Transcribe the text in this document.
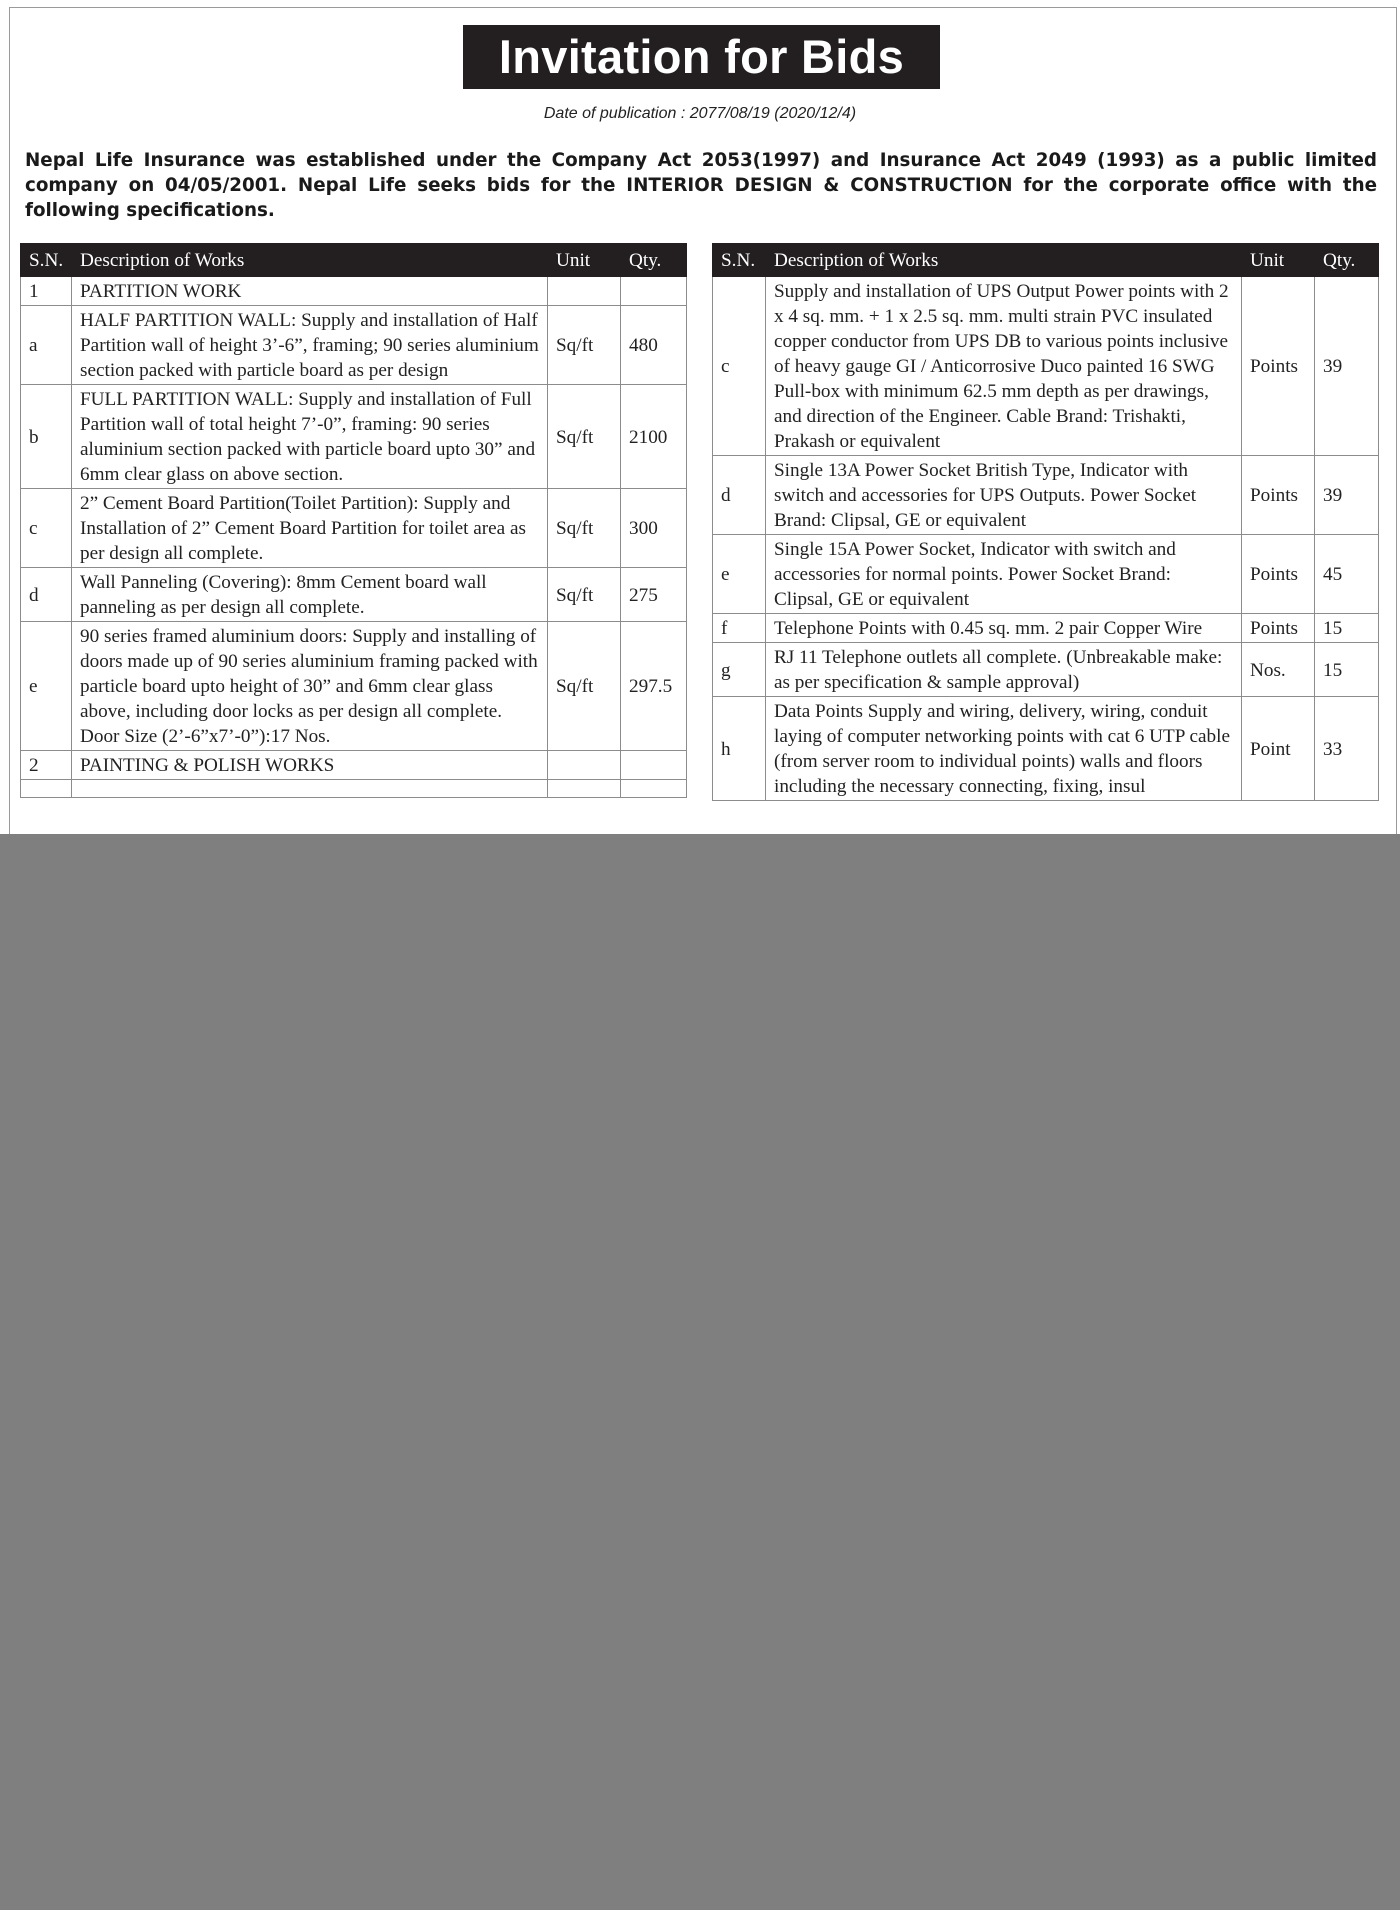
Invitation for Bids
Date of publication : 2077/08/19 (2020/12/4)
Nepal Life Insurance was established under the Company Act 2053(1997) and Insurance Act 2049 (1993) as a public limited company on 04/05/2001. Nepal Life seeks bids for the INTERIOR DESIGN & CONSTRUCTION for the corporate office with the following specifications.
S.N.	Description of Works	Unit	Qty.
1	PARTITION WORK		
a	HALF PARTITION WALL: Supply and installation of Half Partition wall of height 3’-6”, framing; 90 series aluminium section packed with particle board as per design	Sq/ft	480
b	FULL PARTITION WALL: Supply and installation of Full Partition wall of total height 7’-0”, framing: 90 series aluminium section packed with particle board upto 30” and 6mm clear glass on above section.	Sq/ft	2100
c	2” Cement Board Partition(Toilet Partition): Supply and Installation of 2” Cement Board Partition for toilet area as per design all complete.	Sq/ft	300
d	Wall Panneling (Covering): 8mm Cement board wall panneling as per design all complete.	Sq/ft	275
e	90 series framed aluminium doors: Supply and installing of doors made up of 90 series aluminium framing packed with particle board upto height of 30” and 6mm clear glass above, including door locks as per design all complete. Door Size (2’-6”x7’-0”):17 Nos.	Sq/ft	297.5
2	PAINTING & POLISH WORKS		

S.N.	Description of Works	Unit	Qty.
c	Supply and installation of UPS Output Power points with 2 x 4 sq. mm. + 1 x 2.5 sq. mm. multi strain PVC insulated copper conductor from UPS DB to various points inclusive of heavy gauge GI / Anticorrosive Duco painted 16 SWG Pull-box with minimum 62.5 mm depth as per drawings, and direction of the Engineer. Cable Brand: Trishakti, Prakash or equivalent	Points	39
d	Single 13A Power Socket British Type, Indicator with switch and accessories for UPS Outputs. Power Socket Brand: Clipsal, GE or equivalent	Points	39
e	Single 15A Power Socket, Indicator with switch and accessories for normal points. Power Socket Brand: Clipsal, GE or equivalent	Points	45
f	Telephone Points with 0.45 sq. mm. 2 pair Copper Wire	Points	15
g	RJ 11 Telephone outlets all complete. (Unbreakable make: as per specification & sample approval)	Nos.	15
h	Data Points Supply and wiring, delivery, wiring, conduit laying of computer networking points with cat 6 UTP cable (from server room to individual points) walls and floors including the necessary connecting, fixing, insul	Point	33
